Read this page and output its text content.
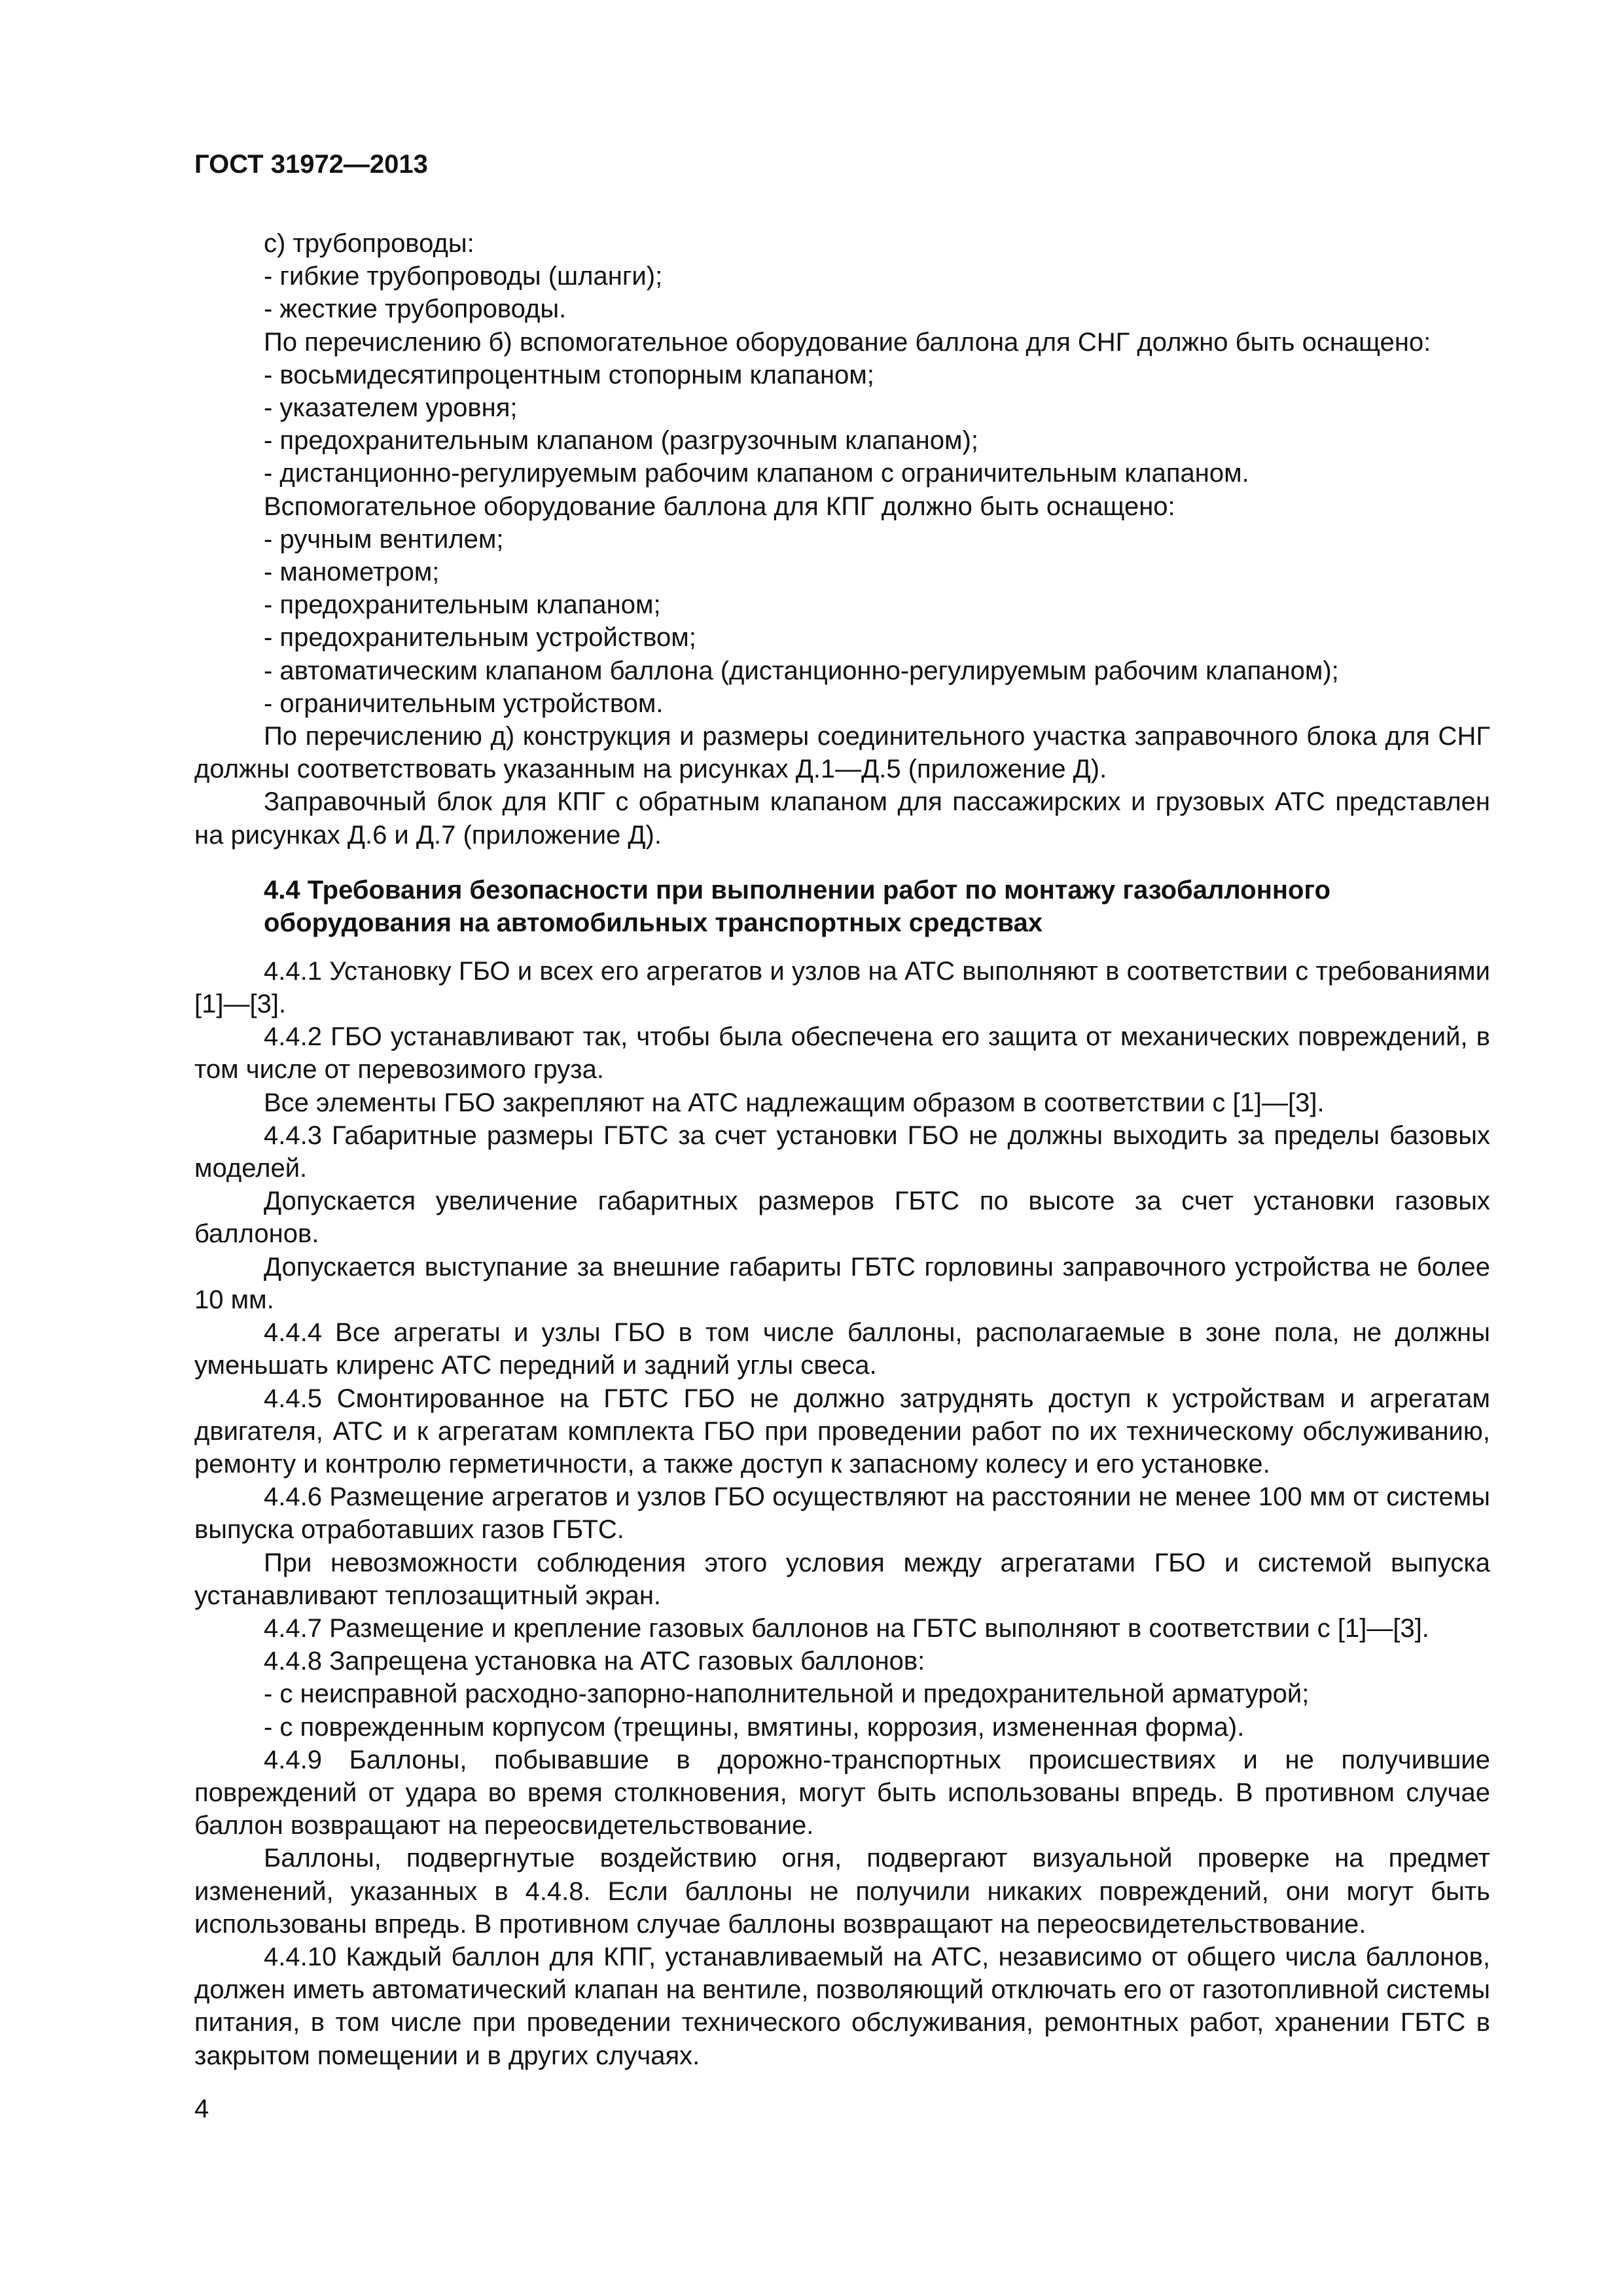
ГОСТ 31972—2013

с) трубопроводы:

- гибкие трубопроводы (шланги);

- жесткие трубопроводы.

По перечислению б) вспомогательное оборудование баллона для СНГ должно быть оснащено:

- восьмидесятипроцентным стопорным клапаном;

- указателем уровня;

- предохранительным клапаном (разгрузочным клапаном);

- дистанционно-регулируемым рабочим клапаном с ограничительным клапаном.

Вспомогательное оборудование баллона для КПГ должно быть оснащено:

- ручным вентилем;

- манометром;

- предохранительным клапаном;

- предохранительным устройством;

- автоматическим клапаном баллона (дистанционно-регулируемым рабочим клапаном);

- ограничительным устройством.

По перечислению д) конструкция и размеры соединительного участка заправочного блока для СНГ должны соответствовать указанным на рисунках Д.1—Д.5 (приложение Д).

Заправочный блок для КПГ с обратным клапаном для пассажирских и грузовых АТС представлен на рисунках Д.6 и Д.7 (приложение Д).

4.4 Требования безопасности при выполнении работ по монтажу газобаллонного оборудования на автомобильных транспортных средствах

4.4.1 Установку ГБО и всех его агрегатов и узлов на АТС выполняют в соответствии с требованиями [1]—[3].

4.4.2 ГБО устанавливают так, чтобы была обеспечена его защита от механических повреждений, в том числе от перевозимого груза.

Все элементы ГБО закрепляют на АТС надлежащим образом в соответствии с [1]—[3].

4.4.3 Габаритные размеры ГБТС за счет установки ГБО не должны выходить за пределы базовых моделей.

Допускается увеличение габаритных размеров ГБТС по высоте за счет установки газовых баллонов.

Допускается выступание за внешние габариты ГБТС горловины заправочного устройства не более 10 мм.

4.4.4 Все агрегаты и узлы ГБО в том числе баллоны, располагаемые в зоне пола, не должны уменьшать клиренс АТС передний и задний углы свеса.

4.4.5 Смонтированное на ГБТС ГБО не должно затруднять доступ к устройствам и агрегатам двигателя, АТС и к агрегатам комплекта ГБО при проведении работ по их техническому обслуживанию, ремонту и контролю герметичности, а также доступ к запасному колесу и его установке.

4.4.6 Размещение агрегатов и узлов ГБО осуществляют на расстоянии не менее 100 мм от системы выпуска отработавших газов ГБТС.

При невозможности соблюдения этого условия между агрегатами ГБО и системой выпуска устанавливают теплозащитный экран.

4.4.7 Размещение и крепление газовых баллонов на ГБТС выполняют в соответствии с [1]—[3].

4.4.8 Запрещена установка на АТС газовых баллонов:

- с неисправной расходно-запорно-наполнительной и предохранительной арматурой;

- с поврежденным корпусом (трещины, вмятины, коррозия, измененная форма).

4.4.9 Баллоны, побывавшие в дорожно-транспортных происшествиях и не получившие повреждений от удара во время столкновения, могут быть использованы впредь. В противном случае баллон возвращают на переосвидетельствование.

Баллоны, подвергнутые воздействию огня, подвергают визуальной проверке на предмет изменений, указанных в 4.4.8. Если баллоны не получили никаких повреждений, они могут быть использованы впредь. В противном случае баллоны возвращают на переосвидетельствование.

4.4.10 Каждый баллон для КПГ, устанавливаемый на АТС, независимо от общего числа баллонов, должен иметь автоматический клапан на вентиле, позволяющий отключать его от газотопливной системы питания, в том числе при проведении технического обслуживания, ремонтных работ, хранении ГБТС в закрытом помещении и в других случаях.

4
